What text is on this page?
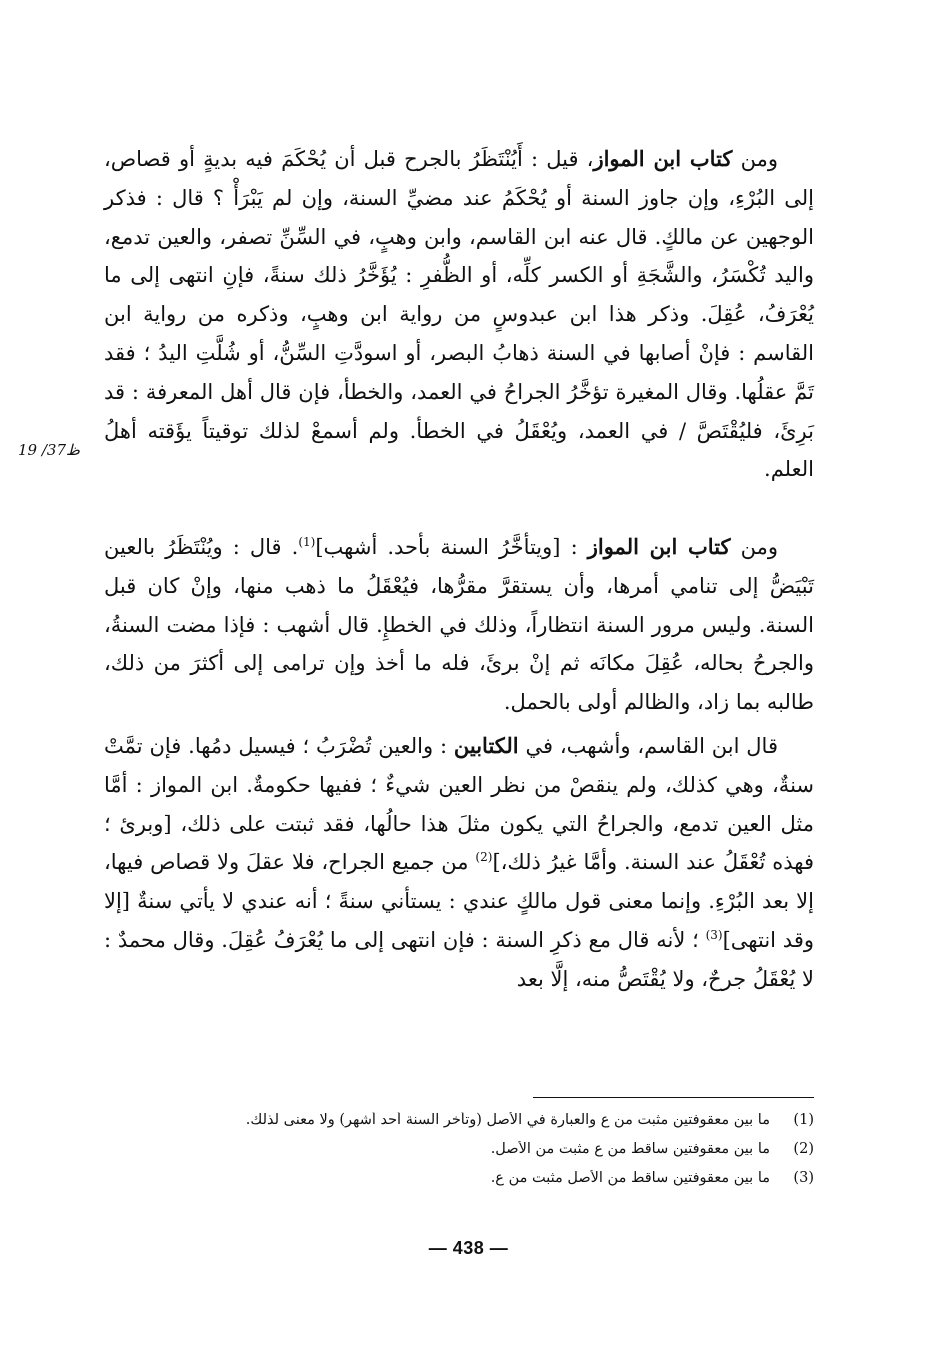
ومن كتاب ابن المواز، قيل : أَيُنْتَظَرُ بالجرح قبل أن يُحْكَمَ فيه بديةٍ أو قصاص، إلى البُرْءِ، وإن جاوز السنة أو يُحْكَمُ عند مضيِّ السنة، وإن لم يَبْرَأْ ؟ قال : فذكر الوجهين عن مالكٍ. قال عنه ابن القاسم، وابن وهبٍ، في السِّنِّ تصفر، والعين تدمع، واليد تُكْسَرُ، والشَّجَةِ أو الكسر كلِّه، أو الظُّفرِ : يُؤَخَّرُ ذلك سنةً، فإنِ انتهى إلى ما يُعْرَفُ، عُقِلَ. وذكر هذا ابن عبدوسٍ من رواية ابن وهبٍ، وذكره من رواية ابن القاسم : فإنْ أصابها في السنة ذهابُ البصر، أو اسودَّتِ السِّنُّ، أو شُلَّتِ اليدُ ؛ فقد تَمَّ عقلُها. وقال المغيرة تؤخَّرُ الجراحُ في العمد، والخطأ، فإن قال أهل المعرفة : قد بَرِئَ، فليُقْتَصَّ / في العمد، ويُعْقَلُ في الخطأ. ولم أسمعْ لذلك توقيتاً يؤَقته أهلُ العلم.
19 /37ظ
ومن كتاب ابن المواز : [ويتأخَّرُ السنة بأحد. أشهب]$^{(1)}$. قال : ويُنْتَظَرُ بالعين تَبْيَضُّ إلى تنامي أمرها، وأن يستقرَّ مقرُّها، فيُعْقَلُ ما ذهب منها، وإنْ كان قبل السنة. وليس مرور السنة انتظاراً، وذلك في الخطإِ. قال أشهب : فإذا مضت السنةُ، والجرحُ بحاله، عُقِلَ مكانَه ثم إنْ برئَ، فله ما أخذ وإن ترامى إلى أكثرَ من ذلك، طالبه بما زاد، والظالم أولى بالحمل.
قال ابن القاسم، وأشهب، في الكتابين : والعين تُضْرَبُ ؛ فيسيل دمُها. فإن تمَّتْ سنةٌ، وهي كذلك، ولم ينقصْ من نظر العين شيءٌ ؛ ففيها حكومةٌ. ابن المواز : أمَّا مثل العين تدمع، والجراحُ التي يكون مثلَ هذا حالُها، فقد ثبتت على ذلك، [وبرئ ؛ فهذه تُعْقَلُ عند السنة. وأمَّا غيرُ ذلك،]$^{(2)}$ من جميع الجراح، فلا عقلَ ولا قصاص فيها، إلا بعد البُرْءِ. وإنما معنى قول مالكٍ عندي : يستأني سنةً ؛ أنه عندي لا يأتي سنةٌ [إلا وقد انتهى]$^{(3)}$ ؛ لأنه قال مع ذكرِ السنة : فإن انتهى إلى ما يُعْرَفُ عُقِلَ. وقال محمدٌ : لا يُعْقَلُ جرحٌ، ولا يُقْتَصُّ منه، إلَّا بعد
(1)
ما بين معقوفتين مثبت من ع والعبارة في الأصل (وتأخر السنة أحد أشهر) ولا معنى لذلك.
(2)
ما بين معقوفتين ساقط من ع مثبت من الأصل.
(3)
ما بين معقوفتين ساقط من الأصل مثبت من ع.
— 438 —
